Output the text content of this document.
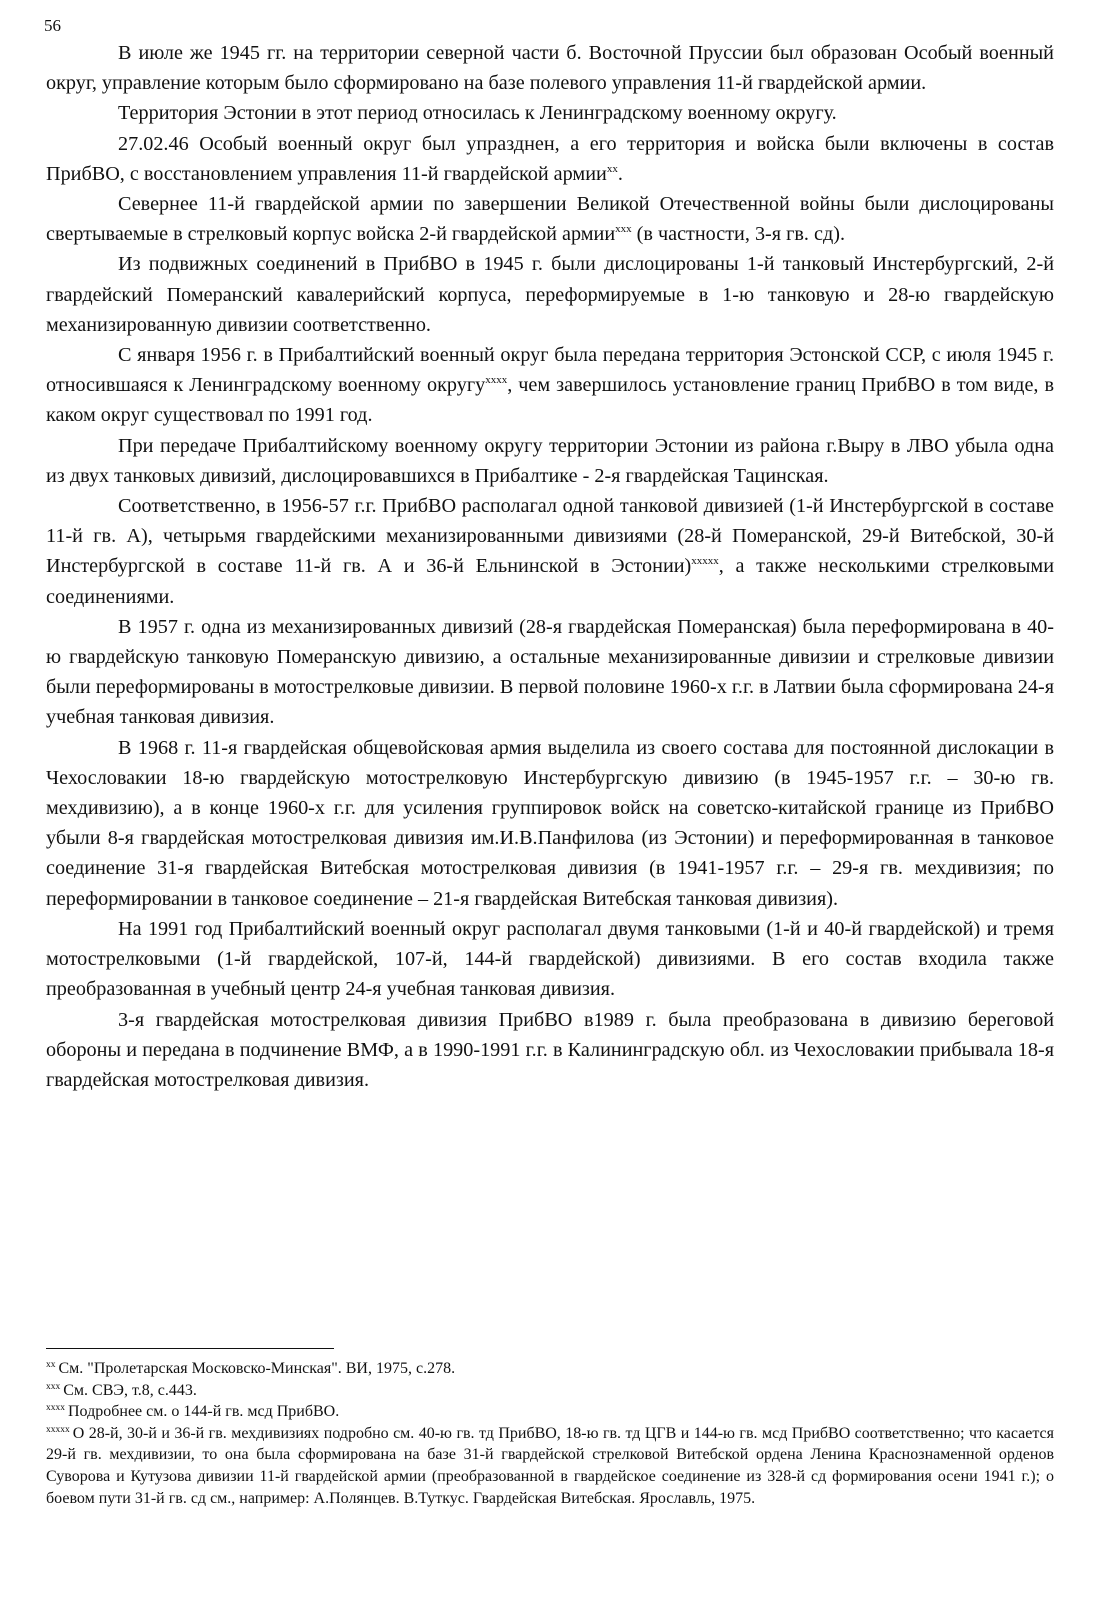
56

В июле же 1945 гг. на территории северной части б. Восточной Пруссии был образован Особый военный округ, управление которым было сформировано на базе полевого управления 11-й гвардейской армии.

Территория Эстонии в этот период относилась к Ленинградскому военному округу.

27.02.46 Особый военный округ был упразднен, а его территория и войска были включены в состав ПрибВО, с восстановлением управления 11-й гвардейской армии$^{xx}$.

Севернее 11-й гвардейской армии по завершении Великой Отечественной войны были дислоцированы свертываемые в стрелковый корпус войска 2-й гвардейской армии$^{xxx}$ (в частности, 3-я гв. сд).

Из подвижных соединений в ПрибВО в 1945 г. были дислоцированы 1-й танковый Инстербургский, 2-й гвардейский Померанский кавалерийский корпуса, переформируемые в 1-ю танковую и 28-ю гвардейскую механизированную дивизии соответственно.

С января 1956 г. в Прибалтийский военный округ была передана территория Эстонской ССР, с июля 1945 г. относившаяся к Ленинградскому военному округу$^{xxxx}$, чем завершилось установление границ ПрибВО в том виде, в каком округ существовал по 1991 год.

При передаче Прибалтийскому военному округу территории Эстонии из района г.Выру в ЛВО убыла одна из двух танковых дивизий, дислоцировавшихся в Прибалтике - 2-я гвардейская Тацинская.

Соответственно, в 1956-57 г.г. ПрибВО располагал одной танковой дивизией (1-й Инстербургской в составе 11-й гв. А), четырьмя гвардейскими механизированными дивизиями (28-й Померанской, 29-й Витебской, 30-й Инстербургской в составе 11-й гв. А и 36-й Ельнинской в Эстонии)$^{xxxxx}$, а также несколькими стрелковыми соединениями.

В 1957 г. одна из механизированных дивизий (28-я гвардейская Померанская) была переформирована в 40-ю гвардейскую танковую Померанскую дивизию, а остальные механизированные дивизии и стрелковые дивизии были переформированы в мотострелковые дивизии. В первой половине 1960-х г.г. в Латвии была сформирована 24-я учебная танковая дивизия.

В 1968 г. 11-я гвардейская общевойсковая армия выделила из своего состава для постоянной дислокации в Чехословакии 18-ю гвардейскую мотострелковую Инстербургскую дивизию (в 1945-1957 г.г. – 30-ю гв. мехдивизию), а в конце 1960-х г.г. для усиления группировок войск на советско-китайской границе из ПрибВО убыли 8-я гвардейская мотострелковая дивизия им.И.В.Панфилова (из Эстонии) и переформированная в танковое соединение 31-я гвардейская Витебская мотострелковая дивизия (в 1941-1957 г.г. – 29-я гв. мехдивизия; по переформировании в танковое соединение – 21-я гвардейская Витебская танковая дивизия).

На 1991 год Прибалтийский военный округ располагал двумя танковыми (1-й и 40-й гвардейской) и тремя мотострелковыми (1-й гвардейской, 107-й, 144-й гвардейской) дивизиями. В его состав входила также преобразованная в учебный центр 24-я учебная танковая дивизия.

3-я гвардейская мотострелковая дивизия ПрибВО в1989 г. была преобразована в дивизию береговой обороны и передана в подчинение ВМФ, а в 1990-1991 г.г. в Калининградскую обл. из Чехословакии прибывала 18-я гвардейская мотострелковая дивизия.

$^{xx}$ См. "Пролетарская Московско-Минская". ВИ, 1975, с.278.

$^{xxx}$ См. СВЭ, т.8, с.443.

$^{xxxx}$ Подробнее см. о 144-й гв. мсд ПрибВО.

$^{xxxxx}$ О 28-й, 30-й и 36-й гв. мехдивизиях подробно см. 40-ю гв. тд ПрибВО, 18-ю гв. тд ЦГВ и 144-ю гв. мсд ПрибВО соответственно; что касается 29-й гв. мехдивизии, то она была сформирована на базе 31-й гвардейской стрелковой Витебской ордена Ленина Краснознаменной орденов Суворова и Кутузова дивизии 11-й гвардейской армии (преобразованной в гвардейское соединение из 328-й сд формирования осени 1941 г.); о боевом пути 31-й гв. сд см., например: А.Полянцев. В.Туткус. Гвардейская Витебская. Ярославль, 1975.
